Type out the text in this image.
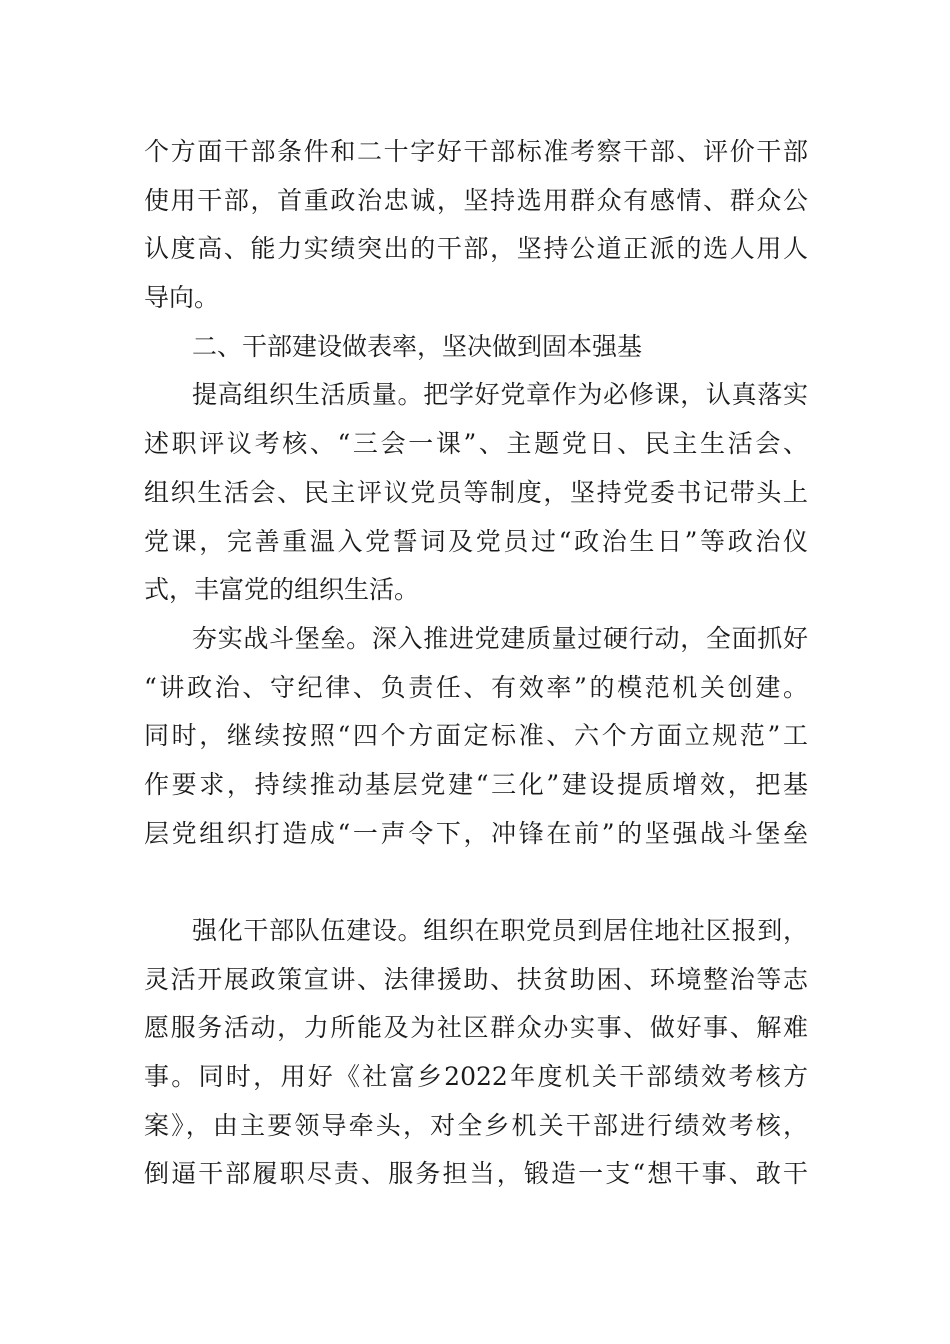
个方面干部条件和二十字好干部标准考察干部、评价干部
使用干部，首重政治忠诚，坚持选用群众有感情、群众公
认度高、能力实绩突出的干部，坚持公道正派的选人用人
导向。
二、干部建设做表率，坚决做到固本强基
提高组织生活质量。把学好党章作为必修课，认真落实
述职评议考核、“三会一课”、主题党日、民主生活会、
组织生活会、民主评议党员等制度，坚持党委书记带头上
党课，完善重温入党誓词及党员过“政治生日”等政治仪
式，丰富党的组织生活。
夯实战斗堡垒。深入推进党建质量过硬行动，全面抓好
“讲政治、守纪律、负责任、有效率”的模范机关创建。
同时，继续按照“四个方面定标准、六个方面立规范”工
作要求，持续推动基层党建“三化”建设提质增效，把基
层党组织打造成“一声令下，冲锋在前”的坚强战斗堡垒
强化干部队伍建设。组织在职党员到居住地社区报到，
灵活开展政策宣讲、法律援助、扶贫助困、环境整治等志
愿服务活动，力所能及为社区群众办实事、做好事、解难
事。同时，用好《社富乡2022年度机关干部绩效考核方
案》，由主要领导牵头，对全乡机关干部进行绩效考核，
倒逼干部履职尽责、服务担当，锻造一支“想干事、敢干
